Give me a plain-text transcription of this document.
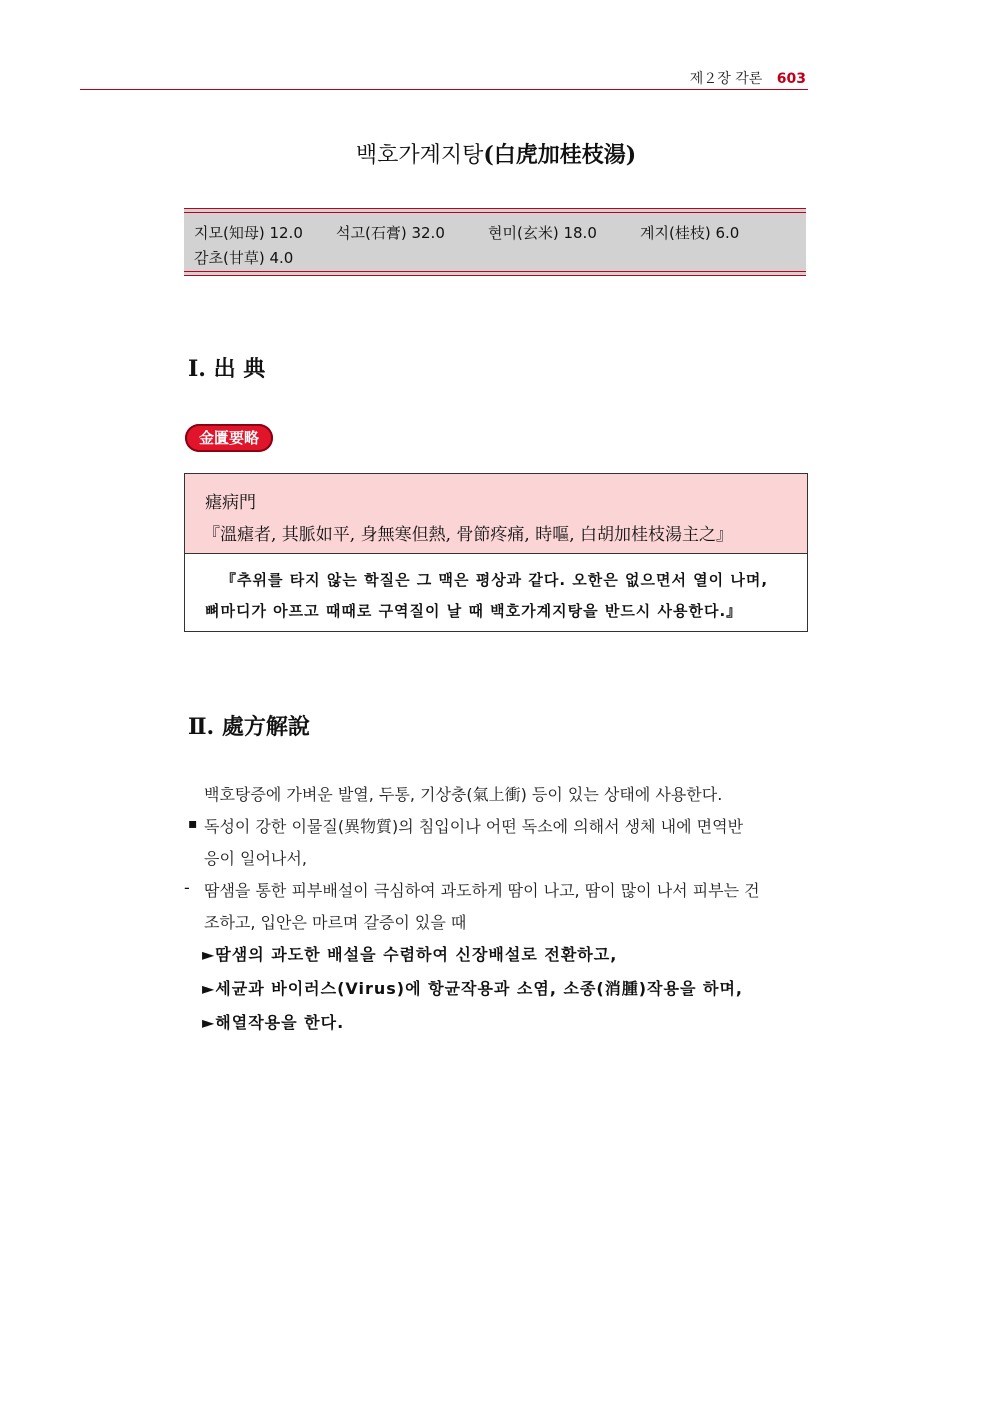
제２장 각론 603
백호가계지탕(白虎加桂枝湯)
지모(知母) 12.0 석고(石膏) 32.0	현미(玄米) 18.0	계지(桂枝) 6.0
감초(甘草) 4.0
Ⅰ. 出 典
金匱要略
瘧病門
『溫瘧者, 其脈如平, 身無寒但熱, 骨節疼痛, 時嘔, 白胡加桂枝湯主之』
『추위를 타지 않는 학질은 그 맥은 평상과 같다. 오한은 없으면서 열이 나며,
뼈마디가 아프고 때때로 구역질이 날 때 백호가계지탕을 반드시 사용한다.』
Ⅱ. 處方解說
백호탕증에 가벼운 발열, 두통, 기상충(氣上衝) 등이 있는 상태에 사용한다.
▪ 독성이 강한 이물질(異物質)의 침입이나 어떤 독소에 의해서 생체 내에 면역반
응이 일어나서,
- 땀샘을 통한 피부배설이 극심하여 과도하게 땀이 나고, 땀이 많이 나서 피부는 건
조하고, 입안은 마르며 갈증이 있을 때
►땀샘의 과도한 배설을 수렴하여 신장배설로 전환하고,
►세균과 바이러스(Virus)에 항균작용과 소염, 소종(消腫)작용을 하며,
►해열작용을 한다.
